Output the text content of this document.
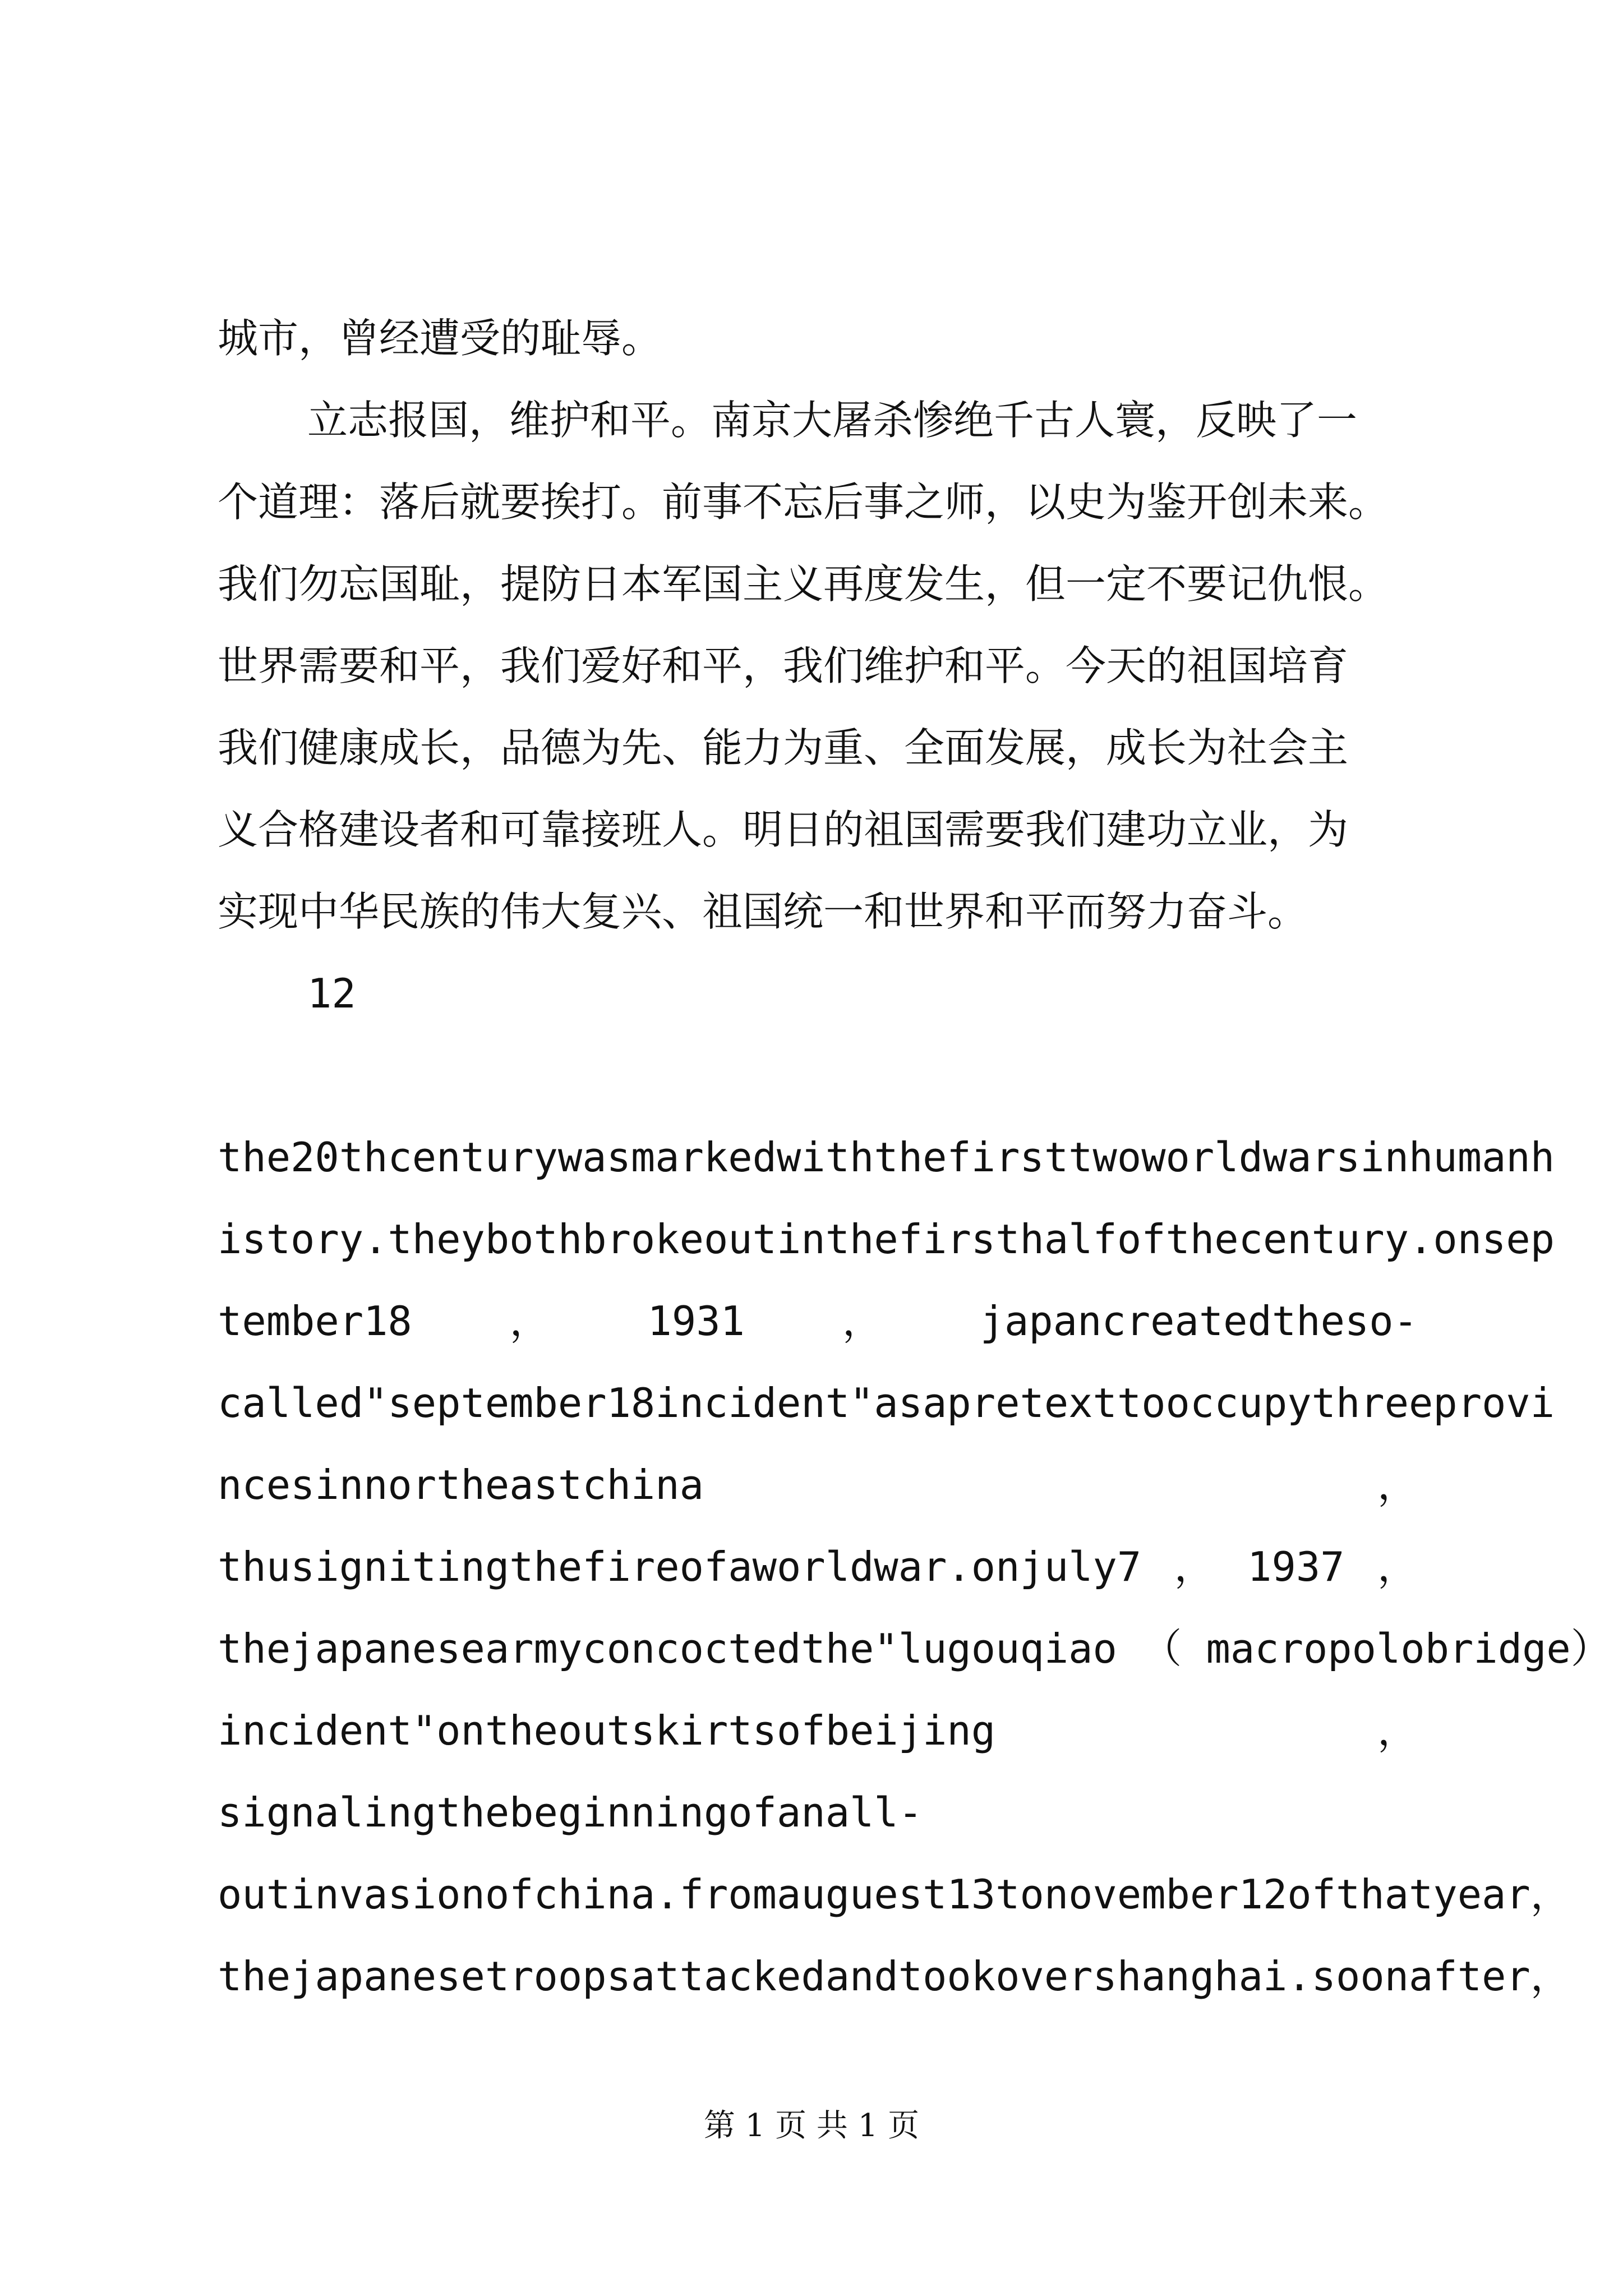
城市，曾经遭受的耻辱。
立志报国，维护和平。南京大屠杀惨绝千古人寰，反映了一
个道理：落后就要挨打。前事不忘后事之师，以史为鉴开创未来。
我们勿忘国耻，提防日本军国主义再度发生，但一定不要记仇恨。
世界需要和平，我们爱好和平，我们维护和平。今天的祖国培育
我们健康成长，品德为先、能力为重、全面发展，成长为社会主
义合格建设者和可靠接班人。明日的祖国需要我们建功立业，为
实现中华民族的伟大复兴、祖国统一和世界和平而努力奋斗。
12
the20thcenturywasmarkedwiththefirsttwoworldwarsinhumanh
istory.theybothbrokeoutinthefirsthalfofthecentury.onsep
tember18 ， 1931 ， japancreatedtheso-
called"september18incident"asapretexttooccupythreeprovi
ncesinnortheastchina	，
thusignitingthefireofaworldwar.onjuly7 ， 1937 ，
thejapanesearmyconcoctedthe"lugouqiao （ macropolobridge）
incident"ontheoutskirtsofbeijing	，
signalingthebeginningofanall-
outinvasionofchina.fromauguest13tonovember12ofthatyear，
thejapanesetroopsattackedandtookovershanghai.soonafter，
第 1 页 共 1 页
